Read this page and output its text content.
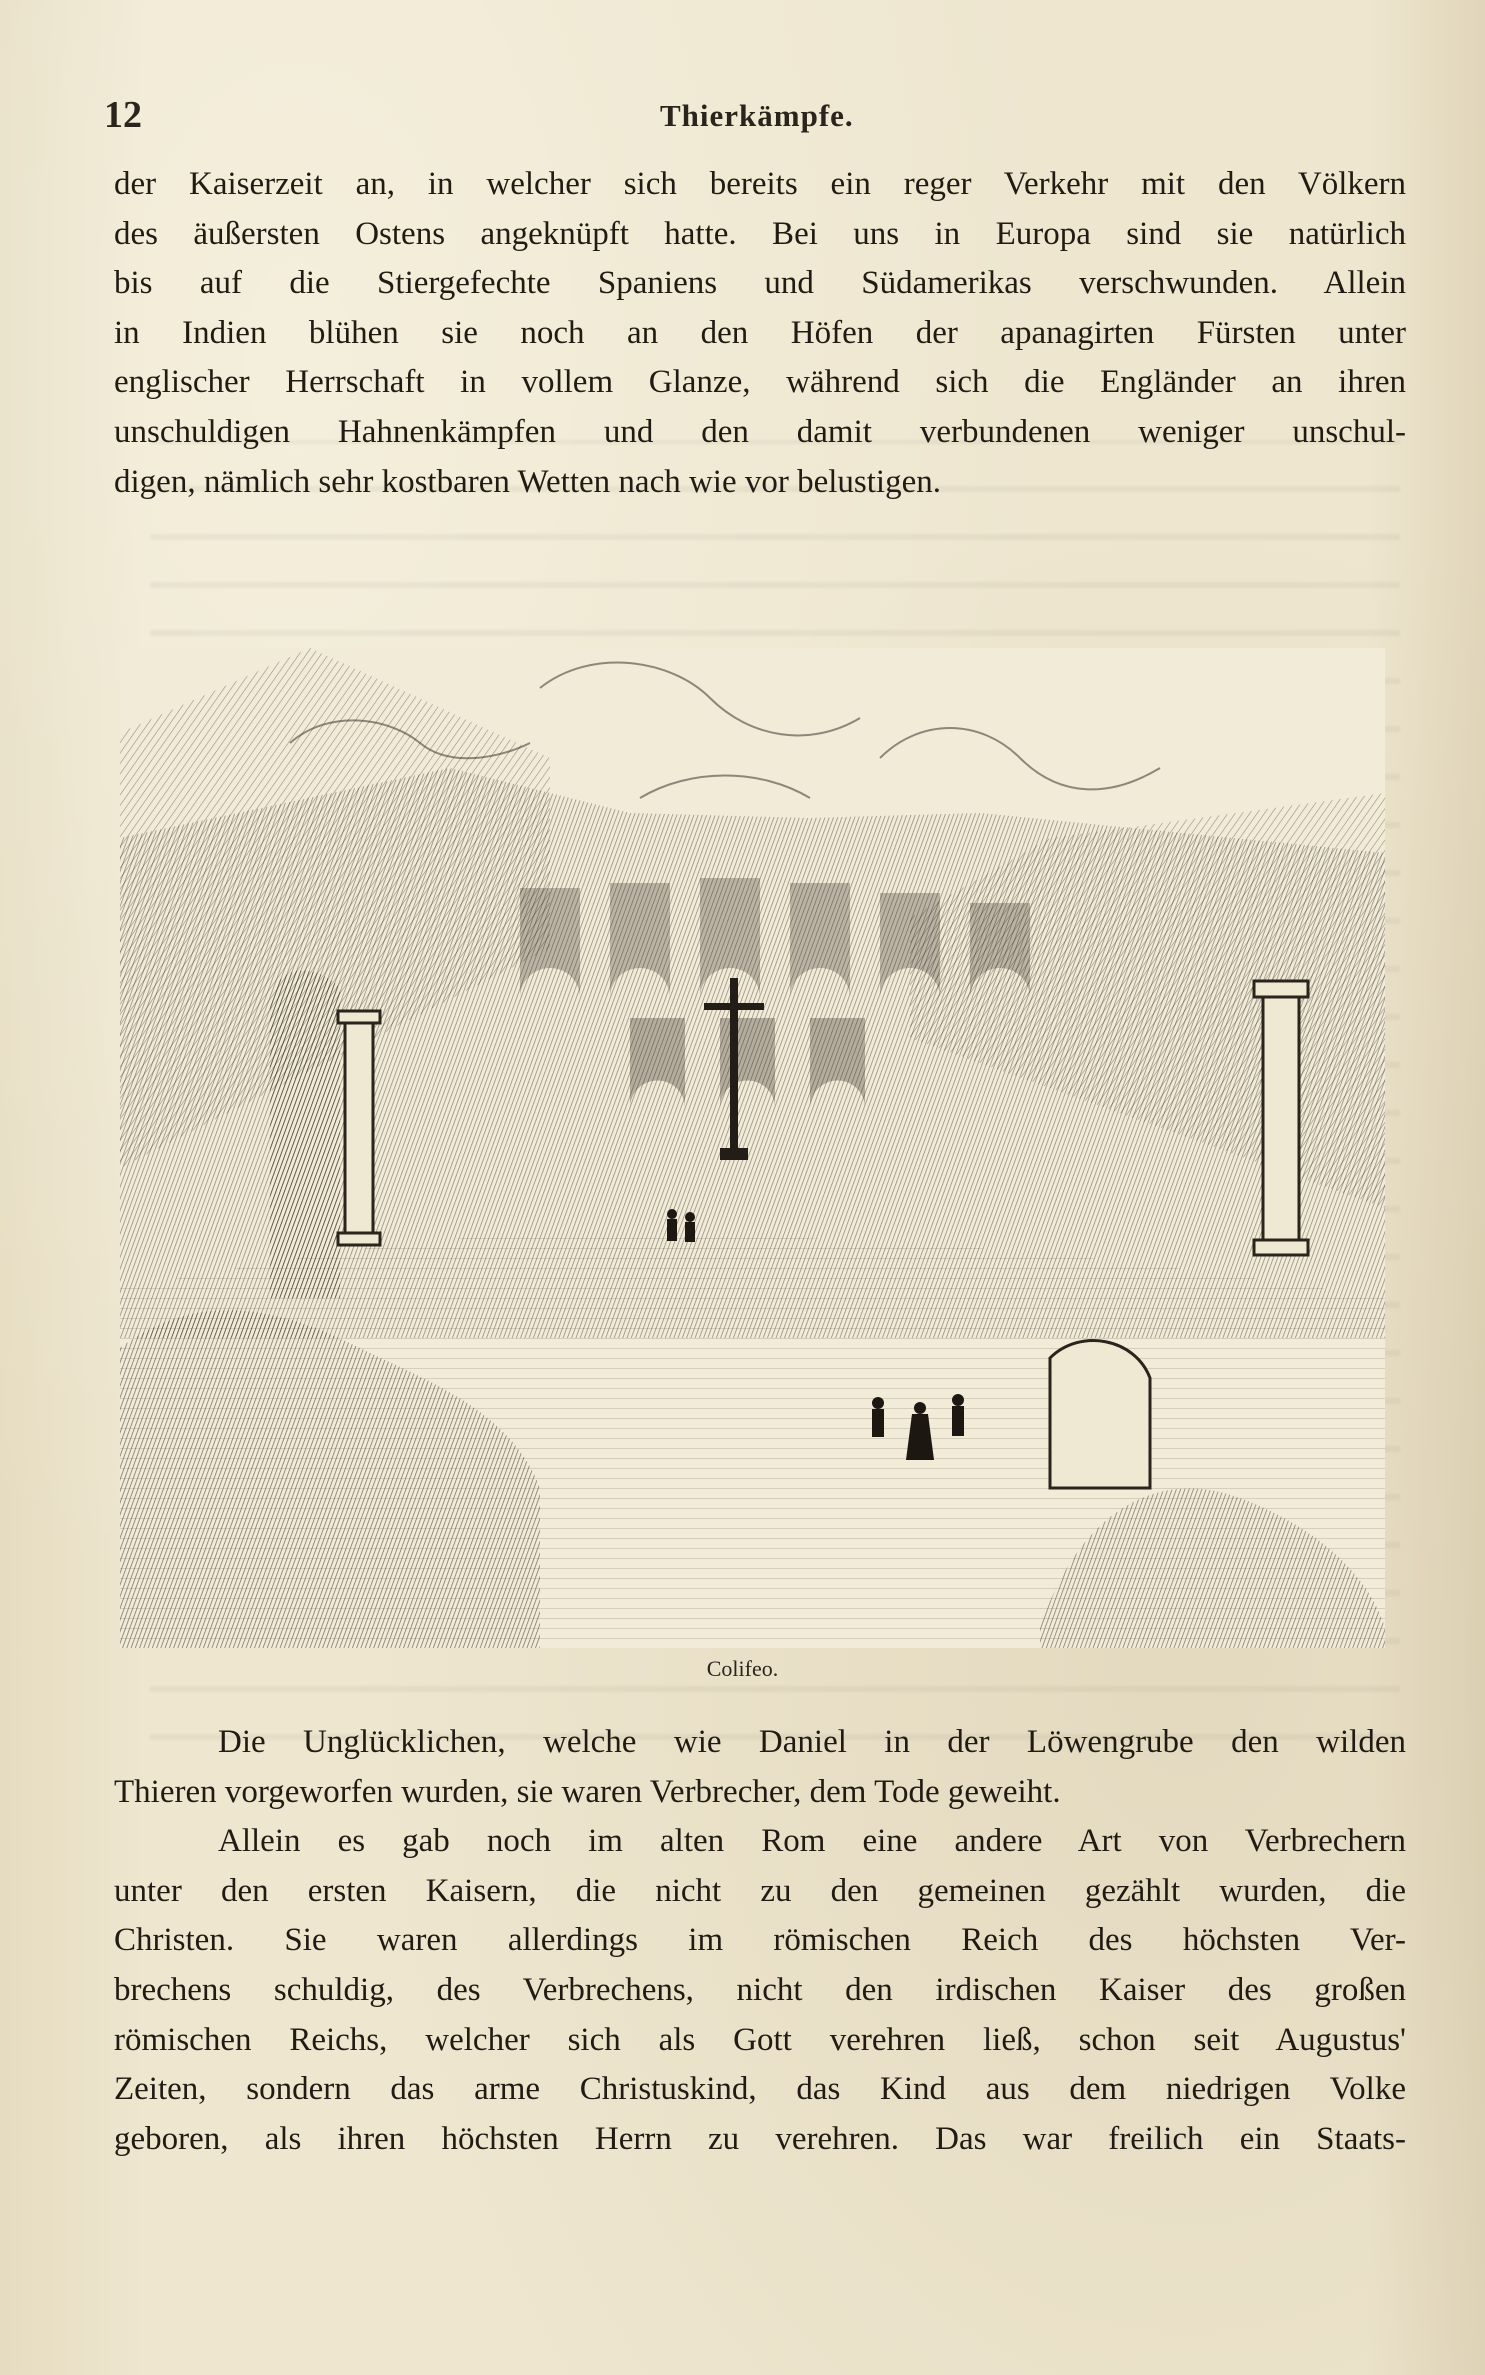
12	Thierkämpfe.
der Kaiserzeit an, in welcher sich bereits ein reger Verkehr mit den Völkern
des äußersten Ostens angeknüpft hatte. Bei uns in Europa sind sie natürlich
bis auf die Stiergefechte Spaniens und Südamerikas verschwunden. Allein
in Indien blühen sie noch an den Höfen der apanagirten Fürsten unter
englischer Herrschaft in vollem Glanze, während sich die Engländer an ihren
unschuldigen Hahnenkämpfen und den damit verbundenen weniger unschul-
digen, nämlich sehr kostbaren Wetten nach wie vor belustigen.

Colifeo.

Die Unglücklichen, welche wie Daniel in der Löwengrube den wilden
Thieren vorgeworfen wurden, sie waren Verbrecher, dem Tode geweiht.
Allein es gab noch im alten Rom eine andere Art von Verbrechern
unter den ersten Kaisern, die nicht zu den gemeinen gezählt wurden, die
Christen. Sie waren allerdings im römischen Reich des höchsten Ver-
brechens schuldig, des Verbrechens, nicht den irdischen Kaiser des großen
römischen Reichs, welcher sich als Gott verehren ließ, schon seit Augustus'
Zeiten, sondern das arme Christuskind, das Kind aus dem niedrigen Volke
geboren, als ihren höchsten Herrn zu verehren. Das war freilich ein Staats-
